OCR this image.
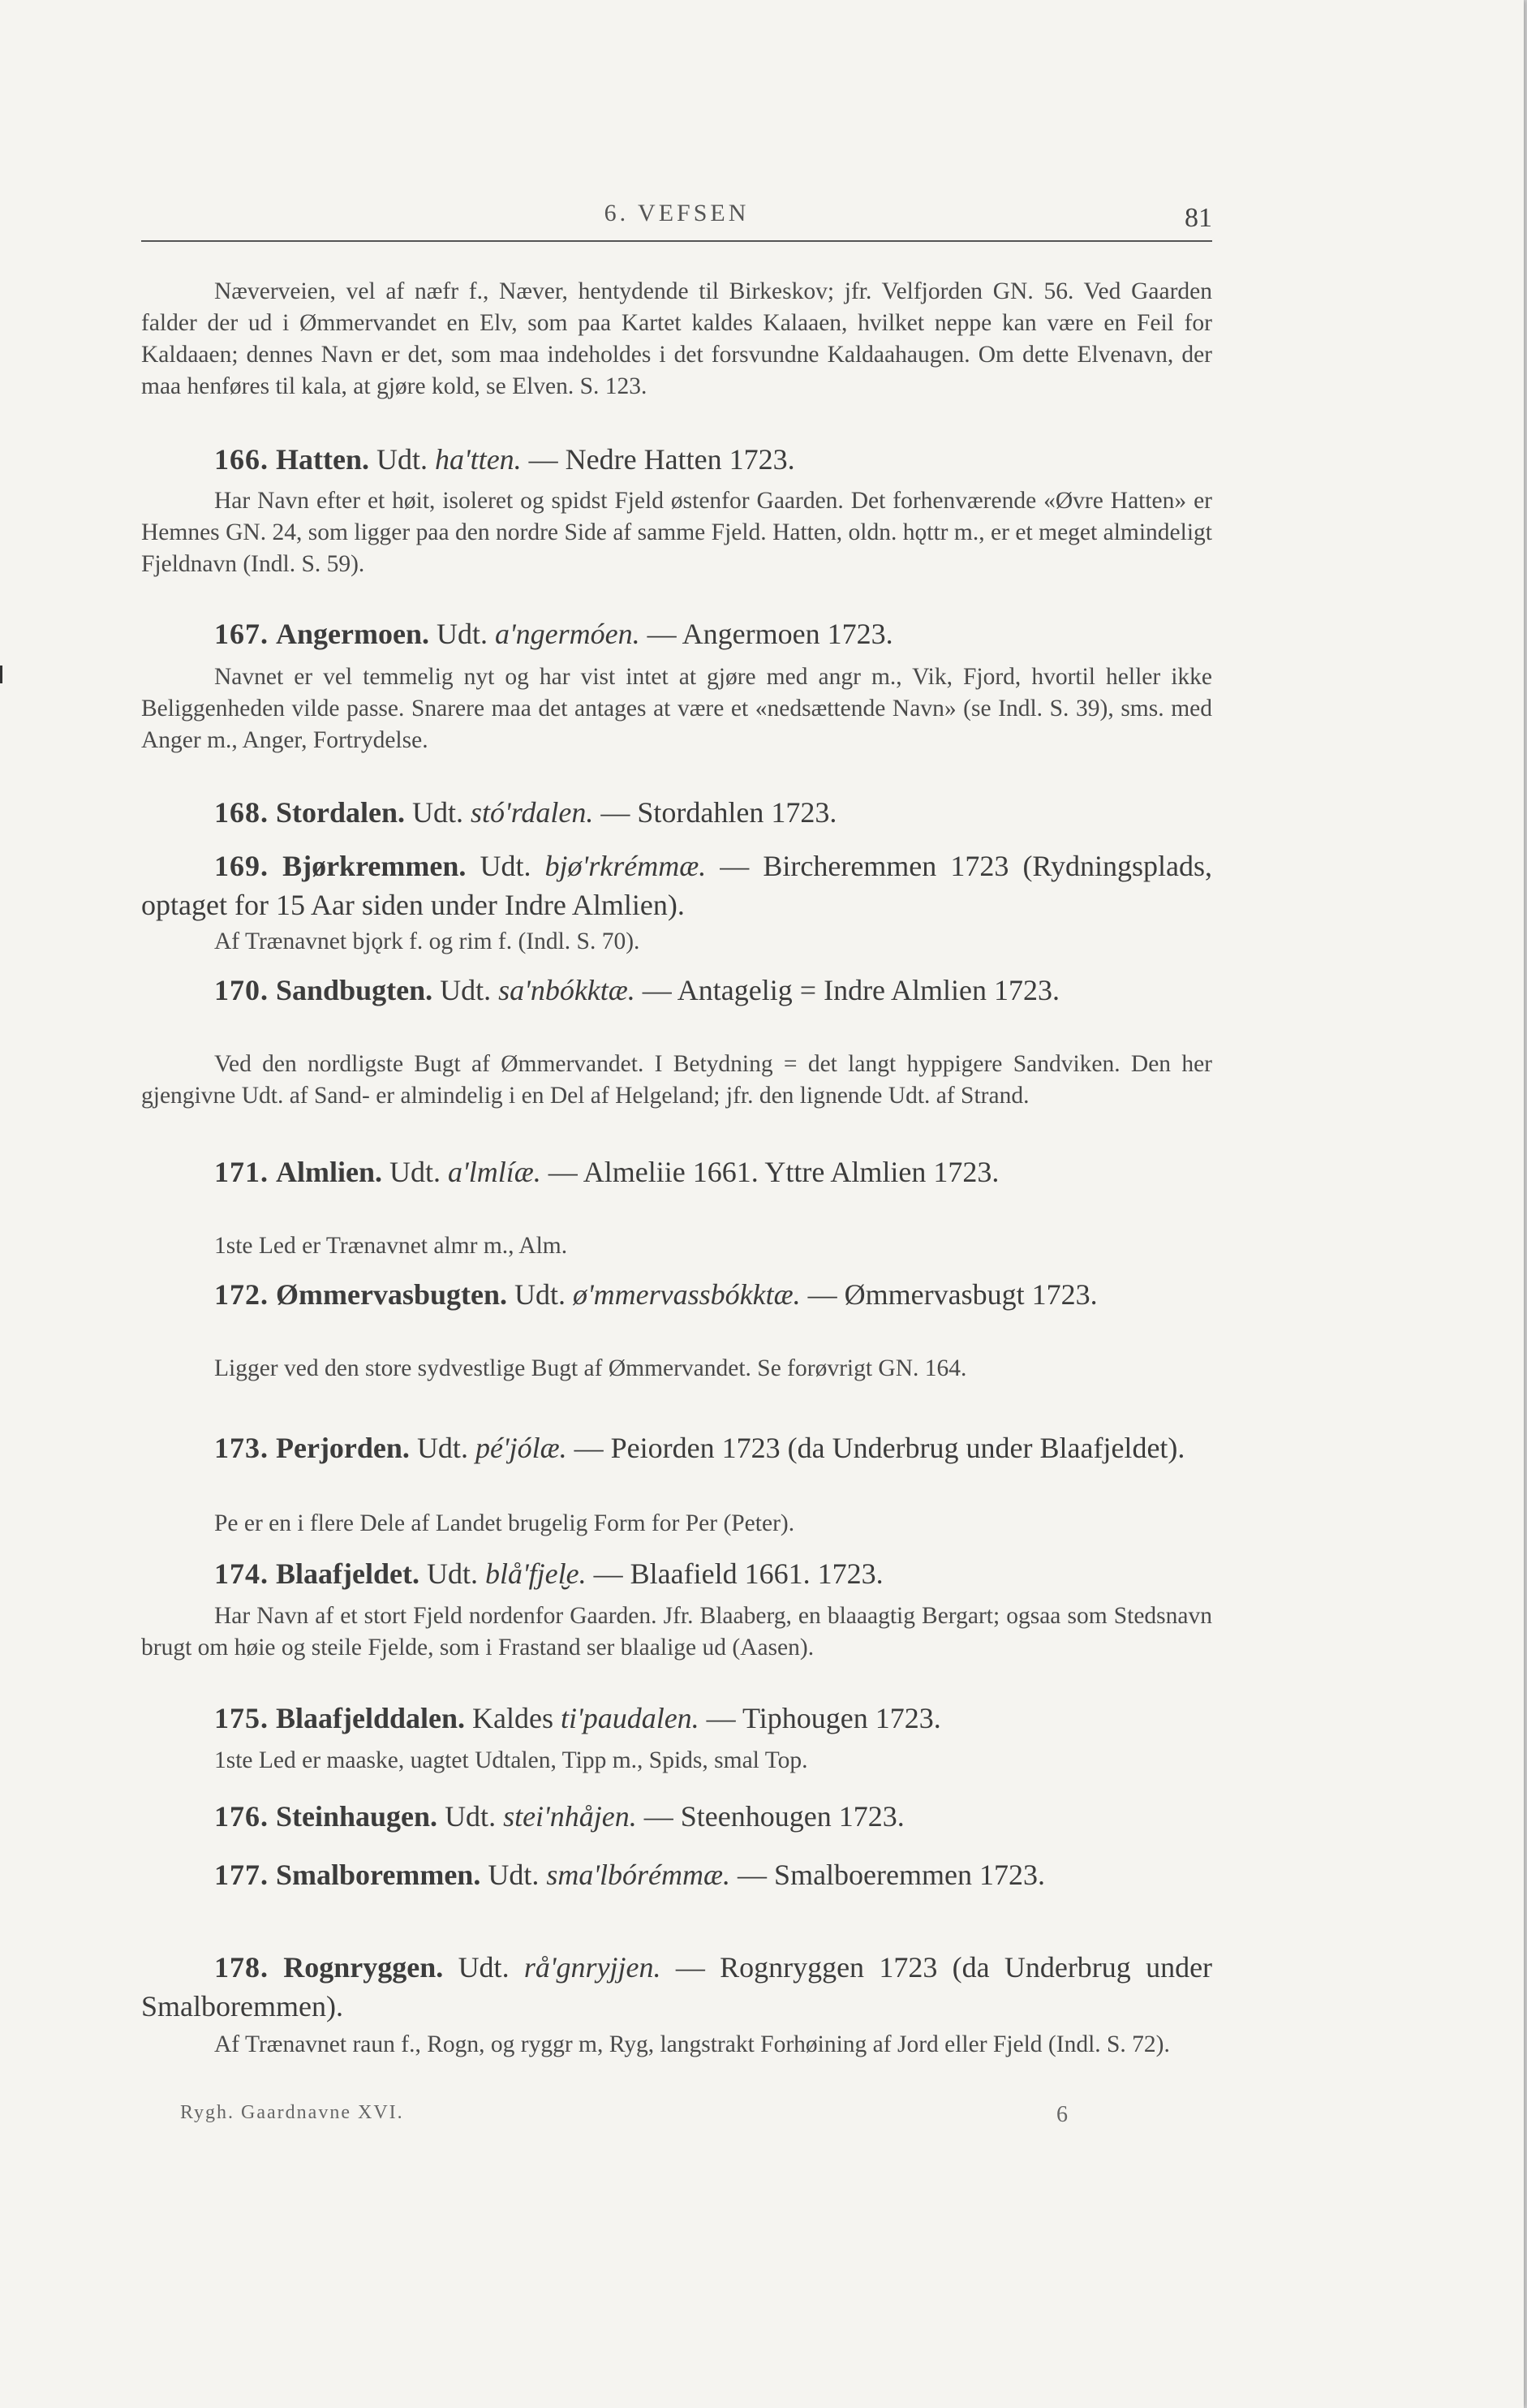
6. VEFSEN	81
Næverveien, vel af næfr f., Næver, hentydende til Birkeskov; jfr. Velfjorden GN. 56. Ved Gaarden falder der ud i Ømmervandet en Elv, som paa Kartet kaldes Kalaaen, hvilket neppe kan være en Feil for Kaldaaen; dennes Navn er det, som maa indeholdes i det forsvundne Kaldaahaugen. Om dette Elvenavn, der maa henføres til kala, at gjøre kold, se Elven. S. 123.
166. Hatten. Udt. ha'tten. — Nedre Hatten 1723.
Har Navn efter et høit, isoleret og spidst Fjeld østenfor Gaarden. Det forhenværende «Øvre Hatten» er Hemnes GN. 24, som ligger paa den nordre Side af samme Fjeld. Hatten, oldn. hǫttr m., er et meget almindeligt Fjeldnavn (Indl. S. 59).
167. Angermoen. Udt. a'ngermóen. — Angermoen 1723.
Navnet er vel temmelig nyt og har vist intet at gjøre med angr m., Vik, Fjord, hvortil heller ikke Beliggenheden vilde passe. Snarere maa det antages at være et «nedsættende Navn» (se Indl. S. 39), sms. med Anger m., Anger, Fortrydelse.
168. Stordalen. Udt. stó'rdalen. — Stordahlen 1723.
169. Bjørkremmen. Udt. bjø'rkrémmæ. — Bircheremmen 1723 (Rydningsplads, optaget for 15 Aar siden under Indre Almlien).
Af Trænavnet bjǫrk f. og rim f. (Indl. S. 70).
170. Sandbugten. Udt. sa'nbókktæ. — Antagelig = Indre Almlien 1723.
Ved den nordligste Bugt af Ømmervandet. I Betydning = det langt hyppigere Sandviken. Den her gjengivne Udt. af Sand- er almindelig i en Del af Helgeland; jfr. den lignende Udt. af Strand.
171. Almlien. Udt. a'lmlíæ. — Almeliie 1661. Yttre Almlien 1723.
1ste Led er Trænavnet almr m., Alm.
172. Ømmervasbugten. Udt. ø'mmervassbókktæ. — Ømmervasbugt 1723.
Ligger ved den store sydvestlige Bugt af Ømmervandet. Se forøvrigt GN. 164.
173. Perjorden. Udt. pé'jólæ. — Peiorden 1723 (da Underbrug under Blaafjeldet).
Pe er en i flere Dele af Landet brugelig Form for Per (Peter).
174. Blaafjeldet. Udt. blå'fjel̮e. — Blaafield 1661. 1723.
Har Navn af et stort Fjeld nordenfor Gaarden. Jfr. Blaaberg, en blaaagtig Bergart; ogsaa som Stedsnavn brugt om høie og steile Fjelde, som i Frastand ser blaalige ud (Aasen).
175. Blaafjelddalen. Kaldes ti'paudalen. — Tiphougen 1723.
1ste Led er maaske, uagtet Udtalen, Tipp m., Spids, smal Top.
176. Steinhaugen. Udt. stei'nhåjen. — Steenhougen 1723.
177. Smalboremmen. Udt. sma'lbórémmæ. — Smalboeremmen 1723.
178. Rognryggen. Udt. rå'gnryjjen. — Rognryggen 1723 (da Underbrug under Smalboremmen).
Af Trænavnet raun f., Rogn, og ryggr m, Ryg, langstrakt Forhøining af Jord eller Fjeld (Indl. S. 72).
Rygh. Gaardnavne XVI.	6
